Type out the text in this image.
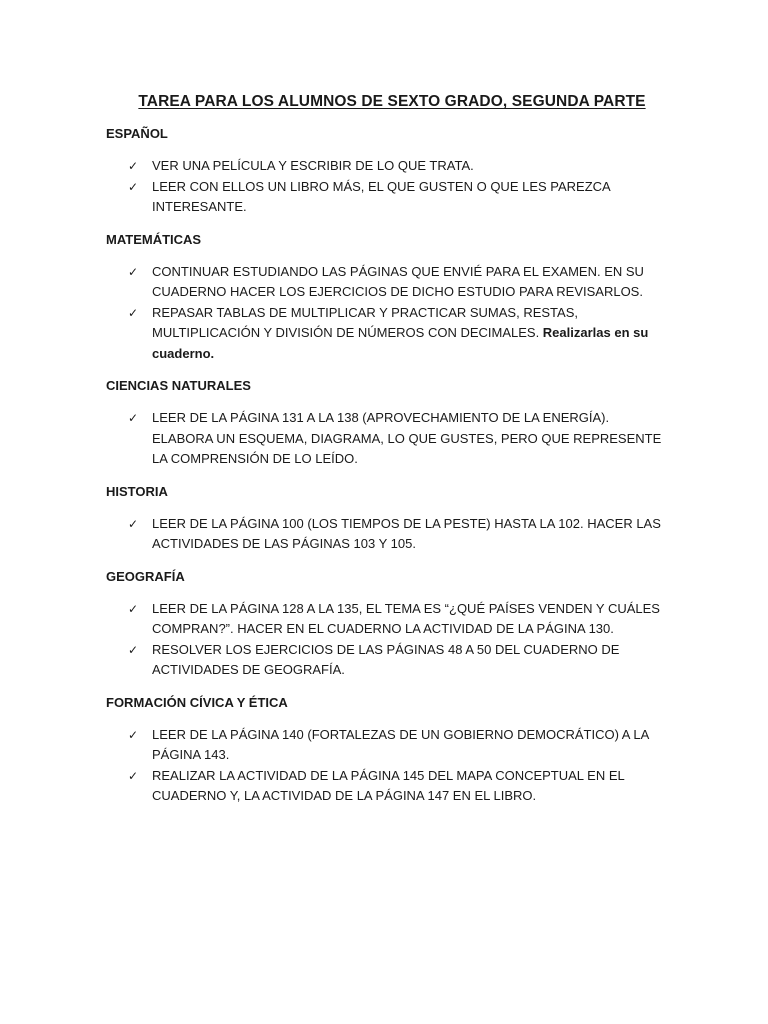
TAREA PARA LOS ALUMNOS DE SEXTO GRADO, SEGUNDA PARTE
ESPAÑOL
✓ VER UNA PELÍCULA Y ESCRIBIR DE LO QUE TRATA.
✓ LEER CON ELLOS UN LIBRO MÁS, EL QUE GUSTEN O QUE LES PAREZCA INTERESANTE.
MATEMÁTICAS
✓ CONTINUAR ESTUDIANDO LAS PÁGINAS QUE ENVIÉ PARA EL EXAMEN. EN SU CUADERNO HACER LOS EJERCICIOS DE DICHO ESTUDIO PARA REVISARLOS.
✓ REPASAR TABLAS DE MULTIPLICAR Y PRACTICAR SUMAS, RESTAS, MULTIPLICACIÓN Y DIVISIÓN DE NÚMEROS CON DECIMALES. Realizarlas en su cuaderno.
CIENCIAS NATURALES
✓ LEER DE LA PÁGINA 131 A LA 138 (APROVECHAMIENTO DE LA ENERGÍA). ELABORA UN ESQUEMA, DIAGRAMA, LO QUE GUSTES, PERO QUE REPRESENTE LA COMPRENSIÓN DE LO LEÍDO.
HISTORIA
✓ LEER DE LA PÁGINA 100 (LOS TIEMPOS DE LA PESTE) HASTA LA 102. HACER LAS ACTIVIDADES DE LAS PÁGINAS 103 Y 105.
GEOGRAFÍA
✓ LEER DE LA PÁGINA 128 A LA 135, EL TEMA ES “¿QUÉ PAÍSES VENDEN Y CUÁLES COMPRAN?”. HACER EN EL CUADERNO LA ACTIVIDAD DE LA PÁGINA 130.
✓ RESOLVER LOS EJERCICIOS DE LAS PÁGINAS 48 A 50 DEL CUADERNO DE ACTIVIDADES DE GEOGRAFÍA.
FORMACIÓN CÍVICA Y ÉTICA
✓ LEER DE LA PÁGINA 140 (FORTALEZAS DE UN GOBIERNO DEMOCRÁTICO) A LA PÁGINA 143.
✓ REALIZAR LA ACTIVIDAD DE LA PÁGINA 145 DEL MAPA CONCEPTUAL EN EL CUADERNO Y, LA ACTIVIDAD DE LA PÁGINA 147 EN EL LIBRO.
